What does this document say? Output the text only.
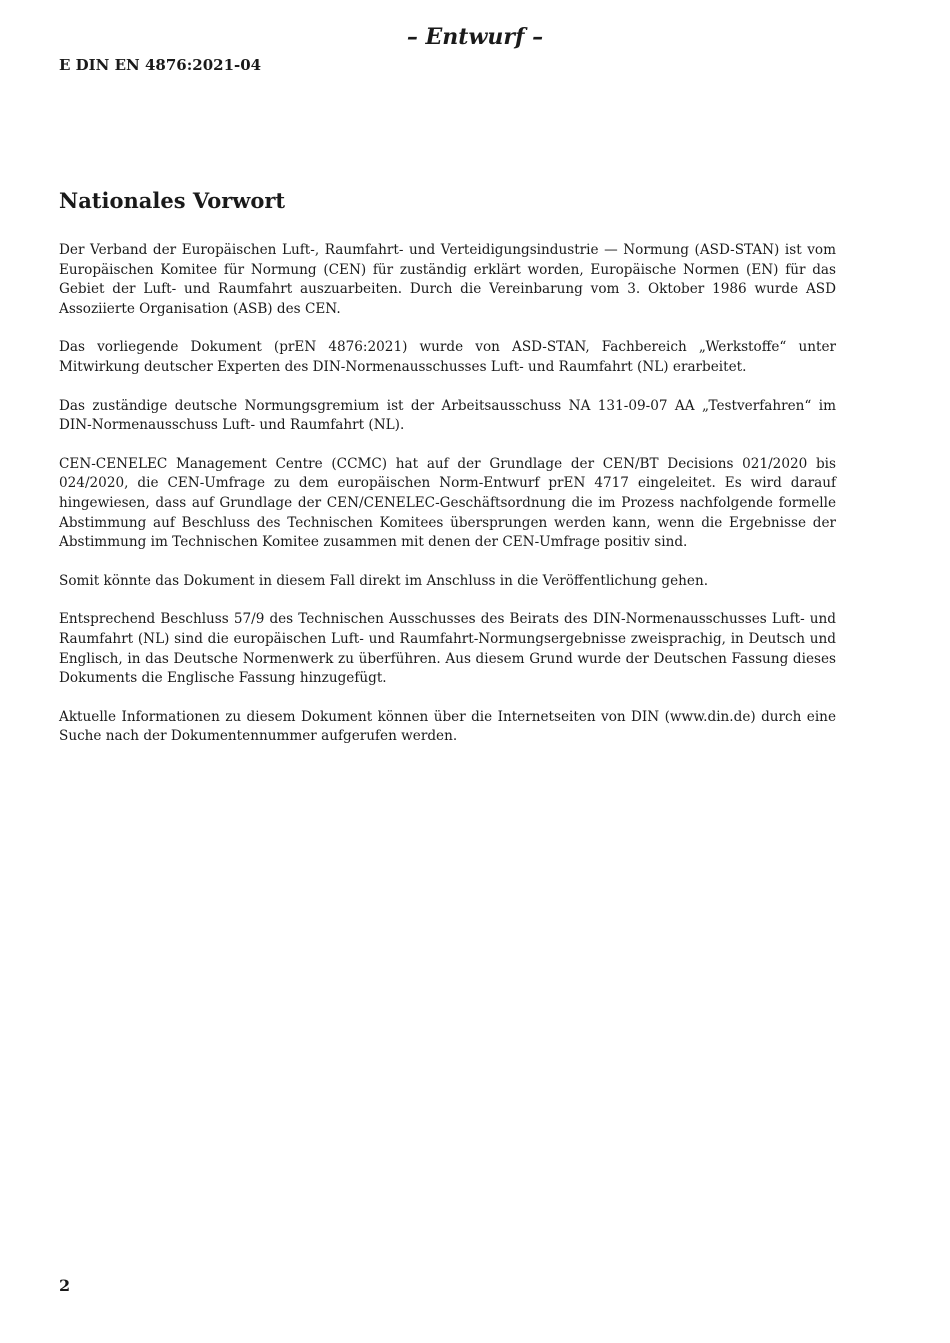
– Entwurf –
E DIN EN 4876:2021-04
Nationales Vorwort

Der Verband der Europäischen Luft-, Raumfahrt- und Verteidigungsindustrie — Normung (ASD-STAN) ist vom Europäischen Komitee für Normung (CEN) für zuständig erklärt worden, Europäische Normen (EN) für das Gebiet der Luft- und Raumfahrt auszuarbeiten. Durch die Vereinbarung vom 3. Oktober 1986 wurde ASD Assoziierte Organisation (ASB) des CEN.

Das vorliegende Dokument (prEN 4876:2021) wurde von ASD-STAN, Fachbereich „Werkstoffe“ unter Mitwirkung deutscher Experten des DIN-Normenausschusses Luft- und Raumfahrt (NL) erarbeitet.

Das zuständige deutsche Normungsgremium ist der Arbeitsausschuss NA 131-09-07 AA „Testverfahren“ im DIN-Normenausschuss Luft- und Raumfahrt (NL).

CEN-CENELEC Management Centre (CCMC) hat auf der Grundlage der CEN/BT Decisions 021/2020 bis 024/2020, die CEN-Umfrage zu dem europäischen Norm-Entwurf prEN 4717 eingeleitet. Es wird darauf hingewiesen, dass auf Grundlage der CEN/CENELEC-Geschäftsordnung die im Prozess nachfolgende formelle Abstimmung auf Beschluss des Technischen Komitees übersprungen werden kann, wenn die Ergebnisse der Abstimmung im Technischen Komitee zusammen mit denen der CEN-Umfrage positiv sind.

Somit könnte das Dokument in diesem Fall direkt im Anschluss in die Veröffentlichung gehen.

Entsprechend Beschluss 57/9 des Technischen Ausschusses des Beirats des DIN-Normenausschusses Luft- und Raumfahrt (NL) sind die europäischen Luft- und Raumfahrt-Normungsergebnisse zweisprachig, in Deutsch und Englisch, in das Deutsche Normenwerk zu überführen. Aus diesem Grund wurde der Deutschen Fassung dieses Dokuments die Englische Fassung hinzugefügt.

Aktuelle Informationen zu diesem Dokument können über die Internetseiten von DIN (www.din.de) durch eine Suche nach der Dokumentennummer aufgerufen werden.

2
